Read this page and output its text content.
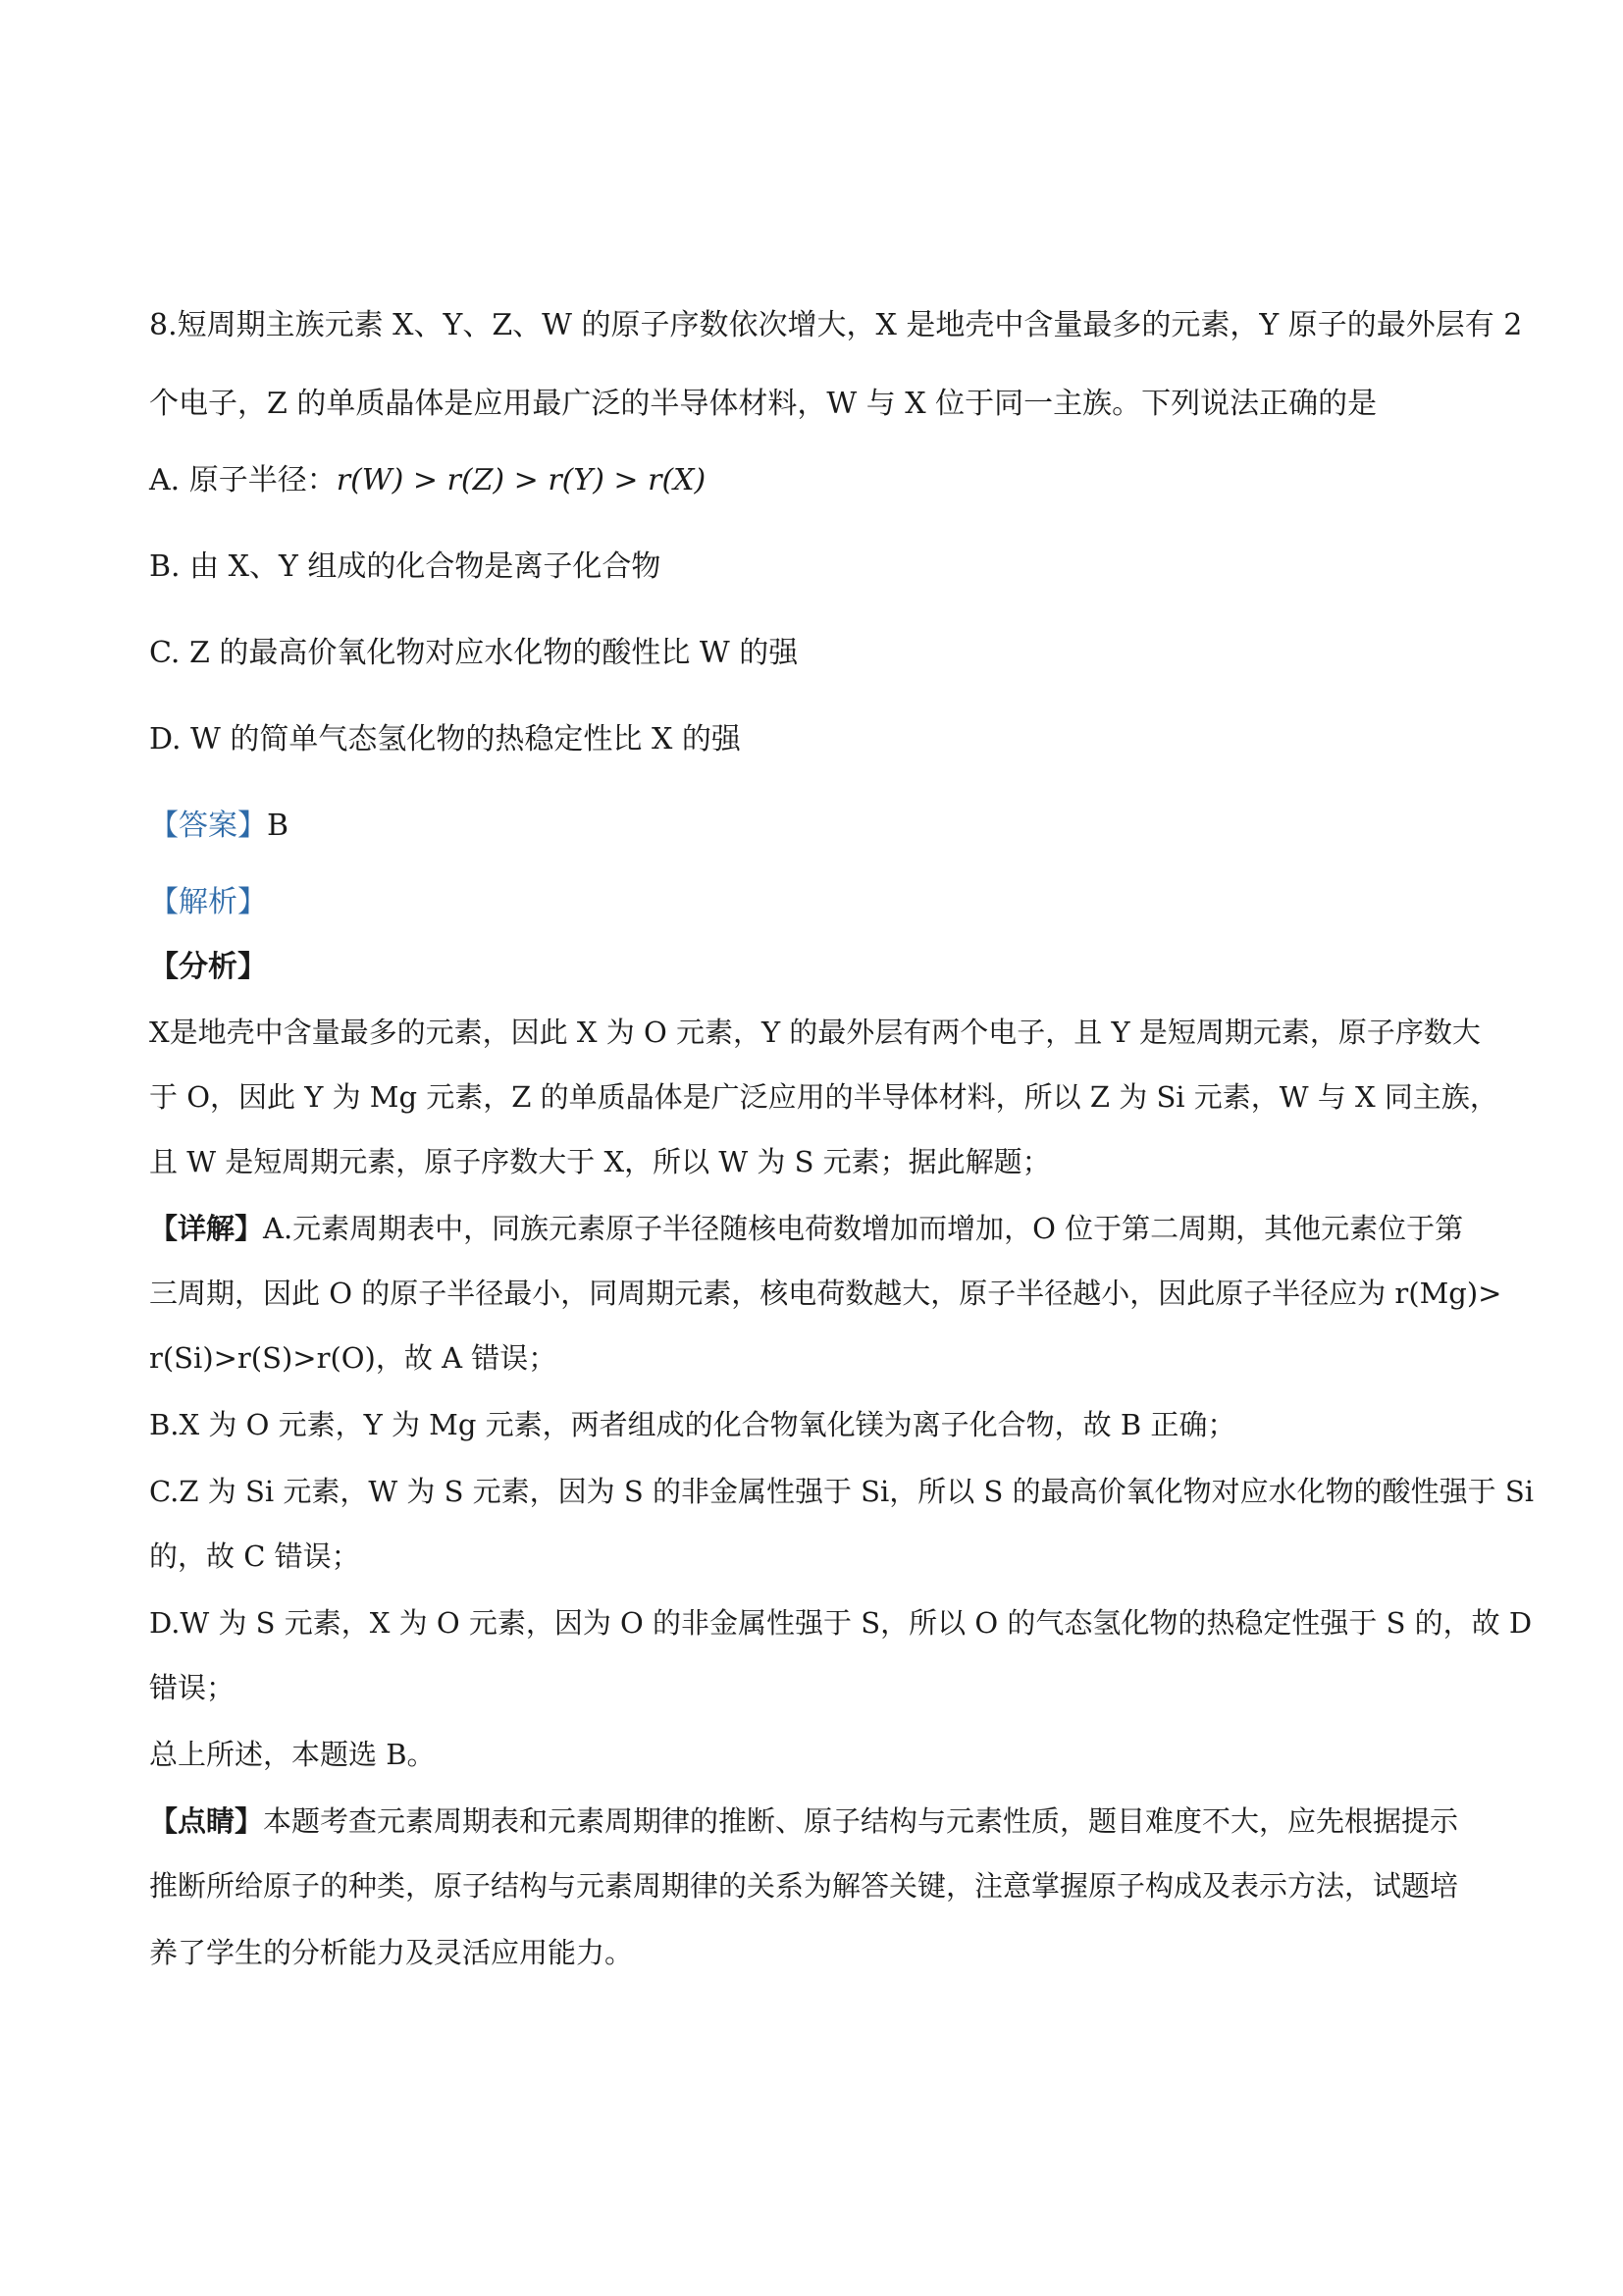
8.短周期主族元素 X、Y、Z、W 的原子序数依次增大，X 是地壳中含量最多的元素，Y 原子的最外层有 2
个电子，Z 的单质晶体是应用最广泛的半导体材料，W 与 X 位于同一主族。下列说法正确的是
A. 原子半径：r(W) > r(Z) > r(Y) > r(X)
B. 由 X、Y 组成的化合物是离子化合物
C. Z 的最高价氧化物对应水化物的酸性比 W 的强
D. W 的简单气态氢化物的热稳定性比 X 的强
【答案】B
【解析】
【分析】
X是地壳中含量最多的元素，因此 X 为 O 元素，Y 的最外层有两个电子，且 Y 是短周期元素，原子序数大
于 O，因此 Y 为 Mg 元素，Z 的单质晶体是广泛应用的半导体材料，所以 Z 为 Si 元素，W 与 X 同主族，
且 W 是短周期元素，原子序数大于 X，所以 W 为 S 元素；据此解题；
【详解】A.元素周期表中，同族元素原子半径随核电荷数增加而增加，O 位于第二周期，其他元素位于第
三周期，因此 O 的原子半径最小，同周期元素，核电荷数越大，原子半径越小，因此原子半径应为 r(Mg)>
r(Si)>r(S)>r(O)，故 A 错误；
B.X 为 O 元素，Y 为 Mg 元素，两者组成的化合物氧化镁为离子化合物，故 B 正确；
C.Z 为 Si 元素，W 为 S 元素，因为 S 的非金属性强于 Si，所以 S 的最高价氧化物对应水化物的酸性强于 Si
的，故 C 错误；
D.W 为 S 元素，X 为 O 元素，因为 O 的非金属性强于 S，所以 O 的气态氢化物的热稳定性强于 S 的，故 D
错误；
总上所述，本题选 B。
【点睛】本题考查元素周期表和元素周期律的推断、原子结构与元素性质，题目难度不大，应先根据提示
推断所给原子的种类，原子结构与元素周期律的关系为解答关键，注意掌握原子构成及表示方法，试题培
养了学生的分析能力及灵活应用能力。
